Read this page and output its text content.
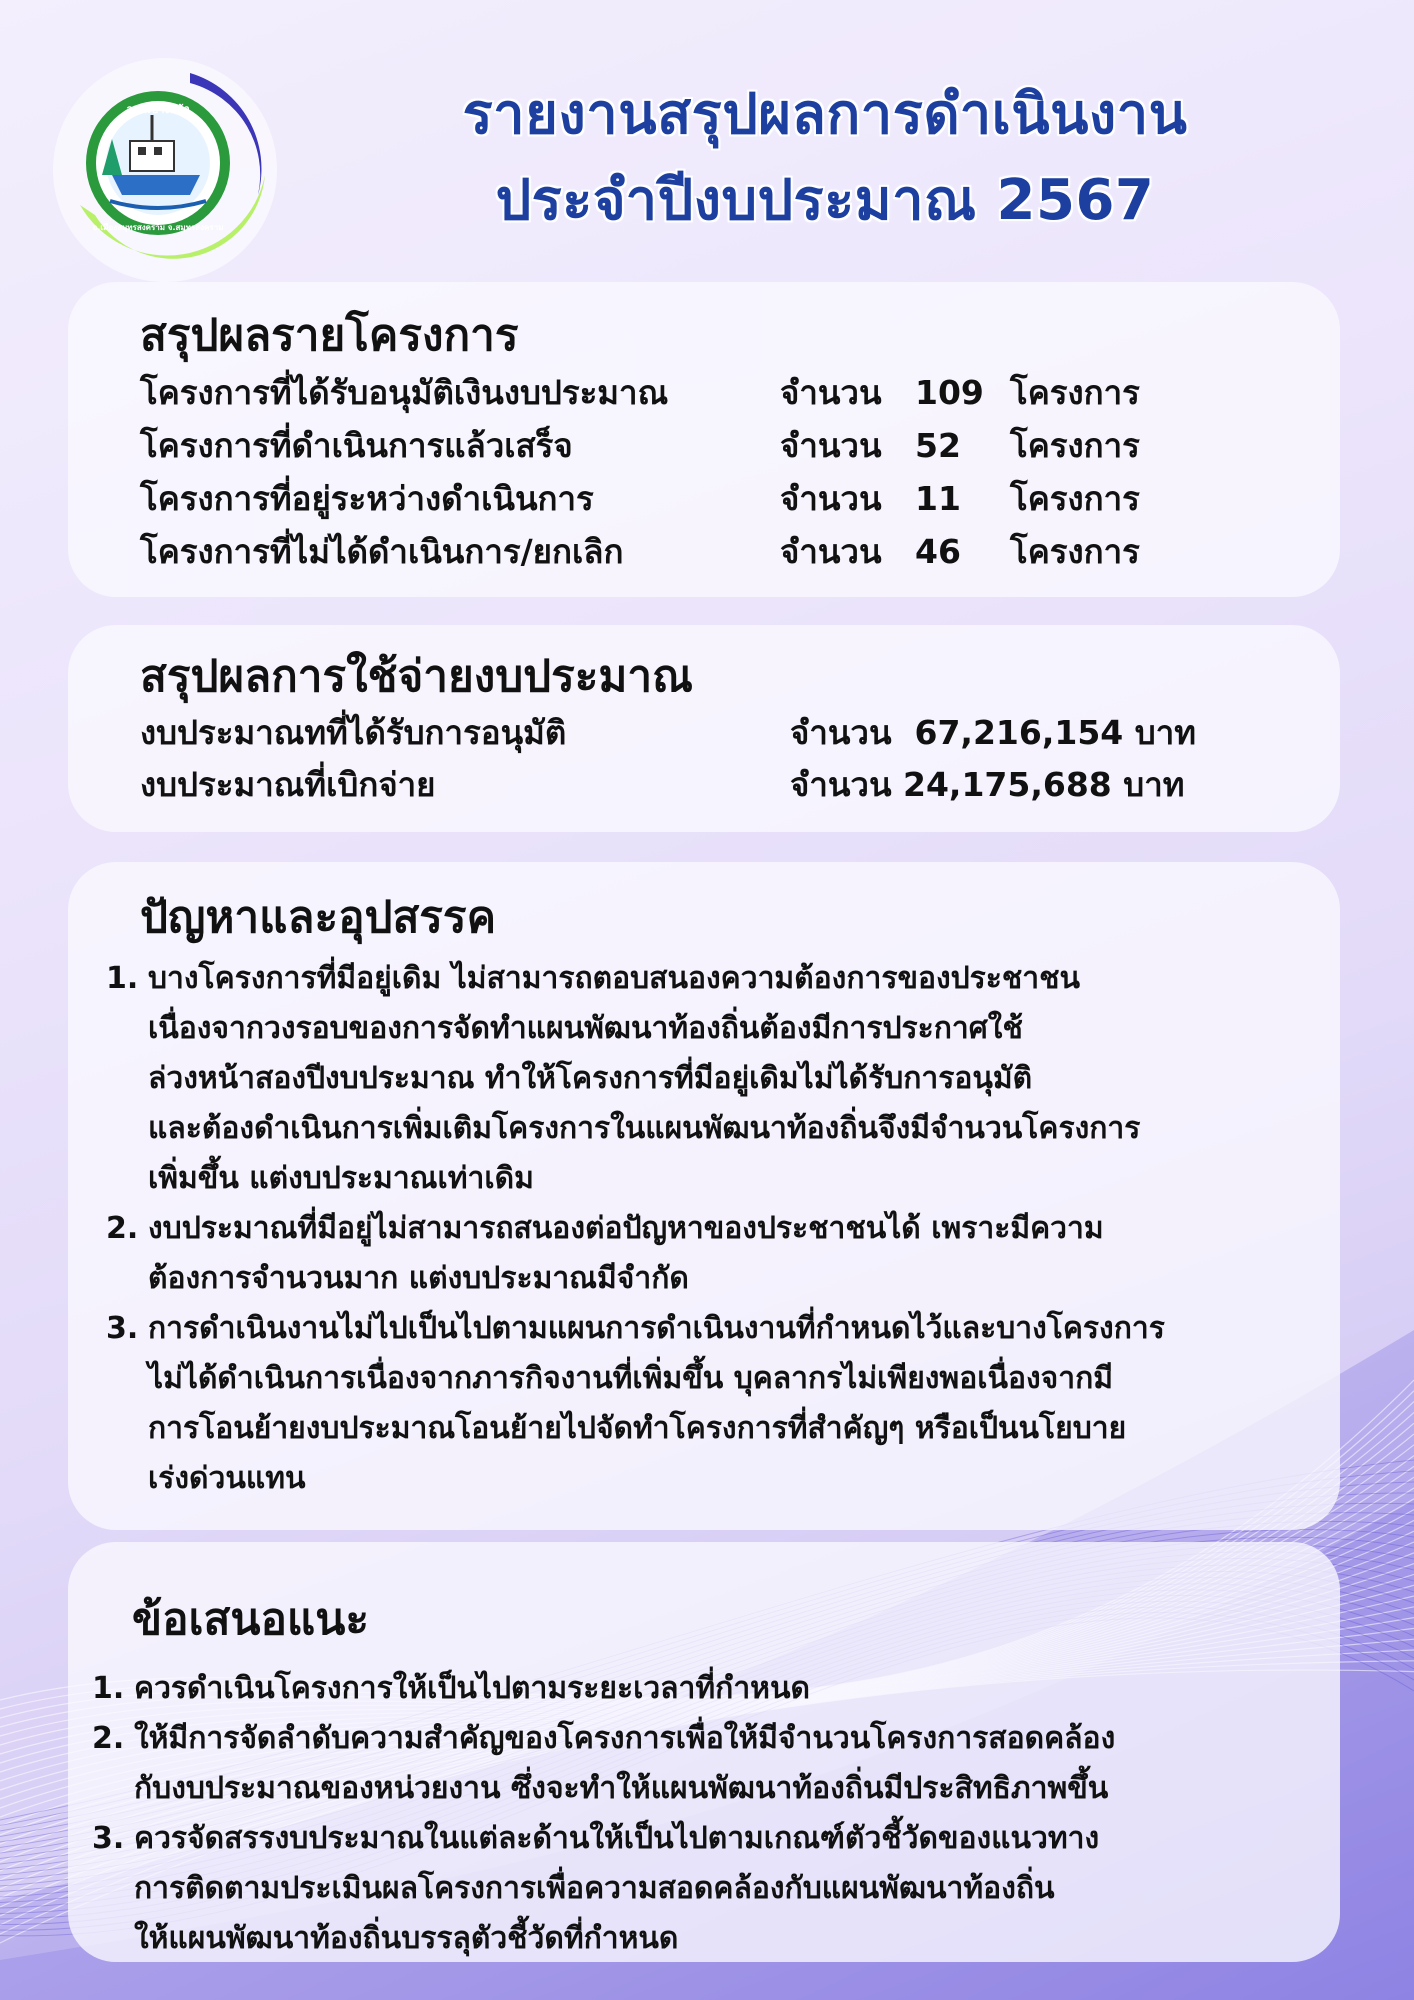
อบต.บางแก้ว
อ.เมืองสมุทรสงคราม จ.สมุทรสงคราม
รายงานสรุปผลการดำเนินงาน
ประจำปีงบประมาณ 2567
สรุปผลรายโครงการ
โครงการที่ได้รับอนุมัติเงินงบประมาณ	จำนวน	109 โครงการ
โครงการที่ดำเนินการแล้วเสร็จ	จำนวน	52	โครงการ
โครงการที่อยู่ระหว่างดำเนินการ	จำนวน	11	โครงการ
โครงการที่ไม่ได้ดำเนินการ/ยกเลิก	จำนวน	46	โครงการ
สรุปผลการใช้จ่ายงบประมาณ
งบประมาณทที่ได้รับการอนุมัติ	จำนวน  67,216,154 บาท
งบประมาณที่เบิกจ่าย	จำนวน 24,175,688 บาท
ปัญหาและอุปสรรค
1. บางโครงการที่มีอยู่เดิม ไม่สามารถตอบสนองความต้องการของประชาชน
เนื่องจากวงรอบของการจัดทำแผนพัฒนาท้องถิ่นต้องมีการประกาศใช้
ล่วงหน้าสองปีงบประมาณ ทำให้โครงการที่มีอยู่เดิมไม่ได้รับการอนุมัติ
และต้องดำเนินการเพิ่มเติมโครงการในแผนพัฒนาท้องถิ่นจึงมีจำนวนโครงการ
เพิ่มขึ้น แต่งบประมาณเท่าเดิม
2. งบประมาณที่มีอยู่ไม่สามารถสนองต่อปัญหาของประชาชนได้ เพราะมีความ
ต้องการจำนวนมาก แต่งบประมาณมีจำกัด
3. การดำเนินงานไม่ไปเป็นไปตามแผนการดำเนินงานที่กำหนดไว้และบางโครงการ
ไม่ได้ดำเนินการเนื่องจากภารกิจงานที่เพิ่มขึ้น บุคลากรไม่เพียงพอเนื่องจากมี
การโอนย้ายงบประมาณโอนย้ายไปจัดทำโครงการที่สำคัญๆ หรือเป็นนโยบาย
เร่งด่วนแทน
ข้อเสนอแนะ
1. ควรดำเนินโครงการให้เป็นไปตามระยะเวลาที่กำหนด
2. ให้มีการจัดลำดับความสำคัญของโครงการเพื่อให้มีจำนวนโครงการสอดคล้อง
กับงบประมาณของหน่วยงาน ซึ่งจะทำให้แผนพัฒนาท้องถิ่นมีประสิทธิภาพขึ้น
3. ควรจัดสรรงบประมาณในแต่ละด้านให้เป็นไปตามเกณฑ์ตัวชี้วัดของแนวทาง
การติดตามประเมินผลโครงการเพื่อความสอดคล้องกับแผนพัฒนาท้องถิ่น
ให้แผนพัฒนาท้องถิ่นบรรลุตัวชี้วัดที่กำหนด
